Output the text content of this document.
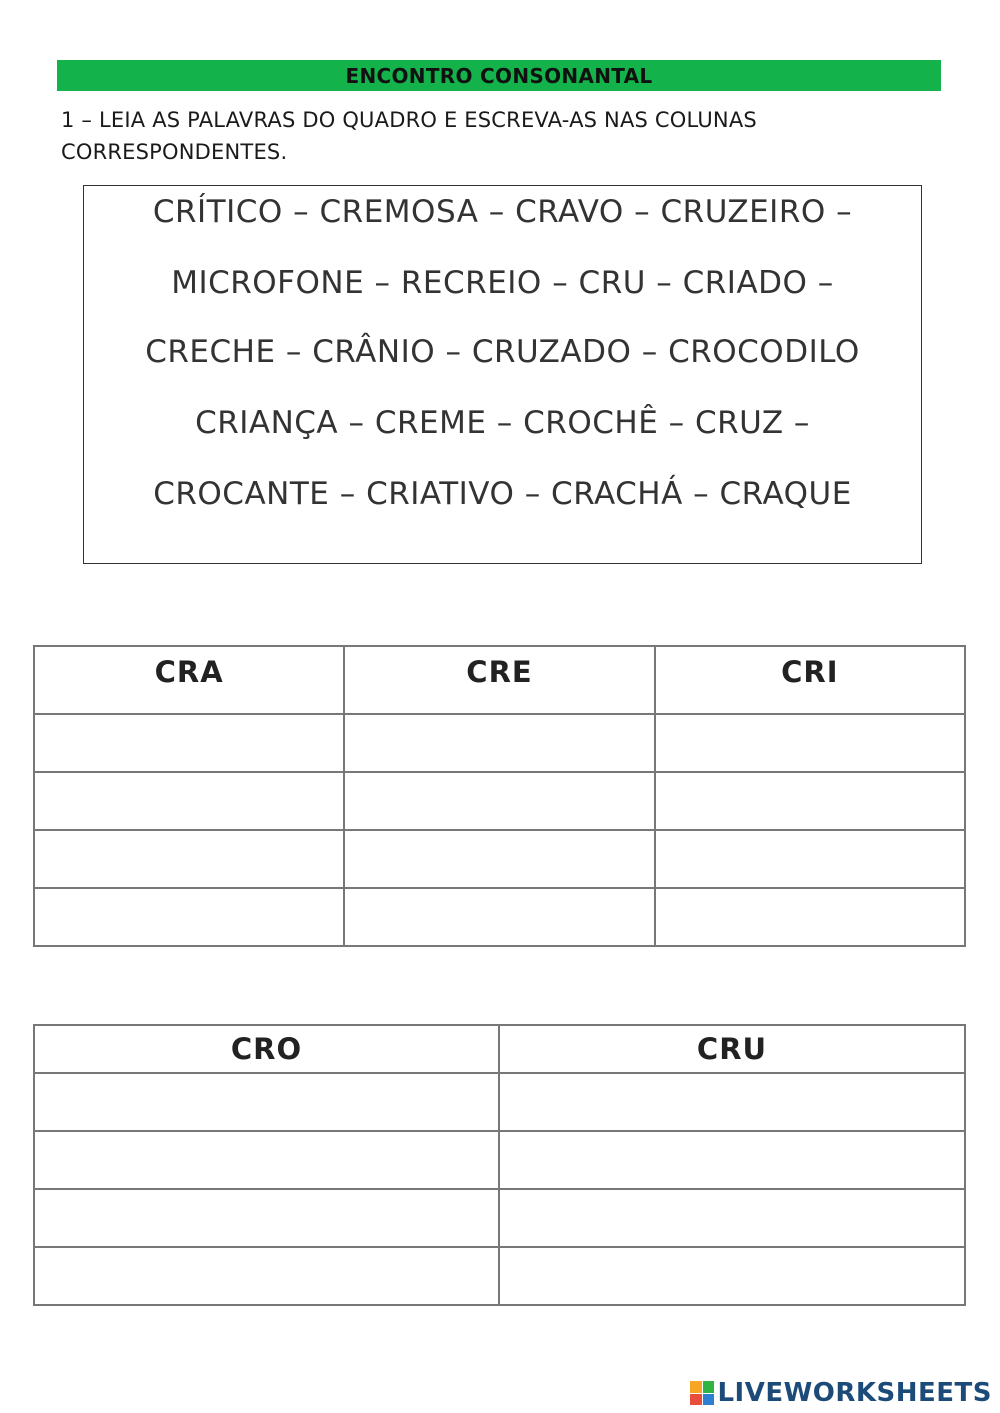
ENCONTRO CONSONANTAL
1 – LEIA AS PALAVRAS DO QUADRO E ESCREVA-AS NAS COLUNAS
CORRESPONDENTES.
CRÍTICO – CREMOSA – CRAVO – CRUZEIRO –
MICROFONE – RECREIO – CRU – CRIADO –
CRECHE – CRÂNIO – CRUZADO – CROCODILO
CRIANÇA – CREME – CROCHÊ – CRUZ –
CROCANTE – CRIATIVO – CRACHÁ – CRAQUE
CRA	CRE	CRI

CRO	CRU

LIVEWORKSHEETS
